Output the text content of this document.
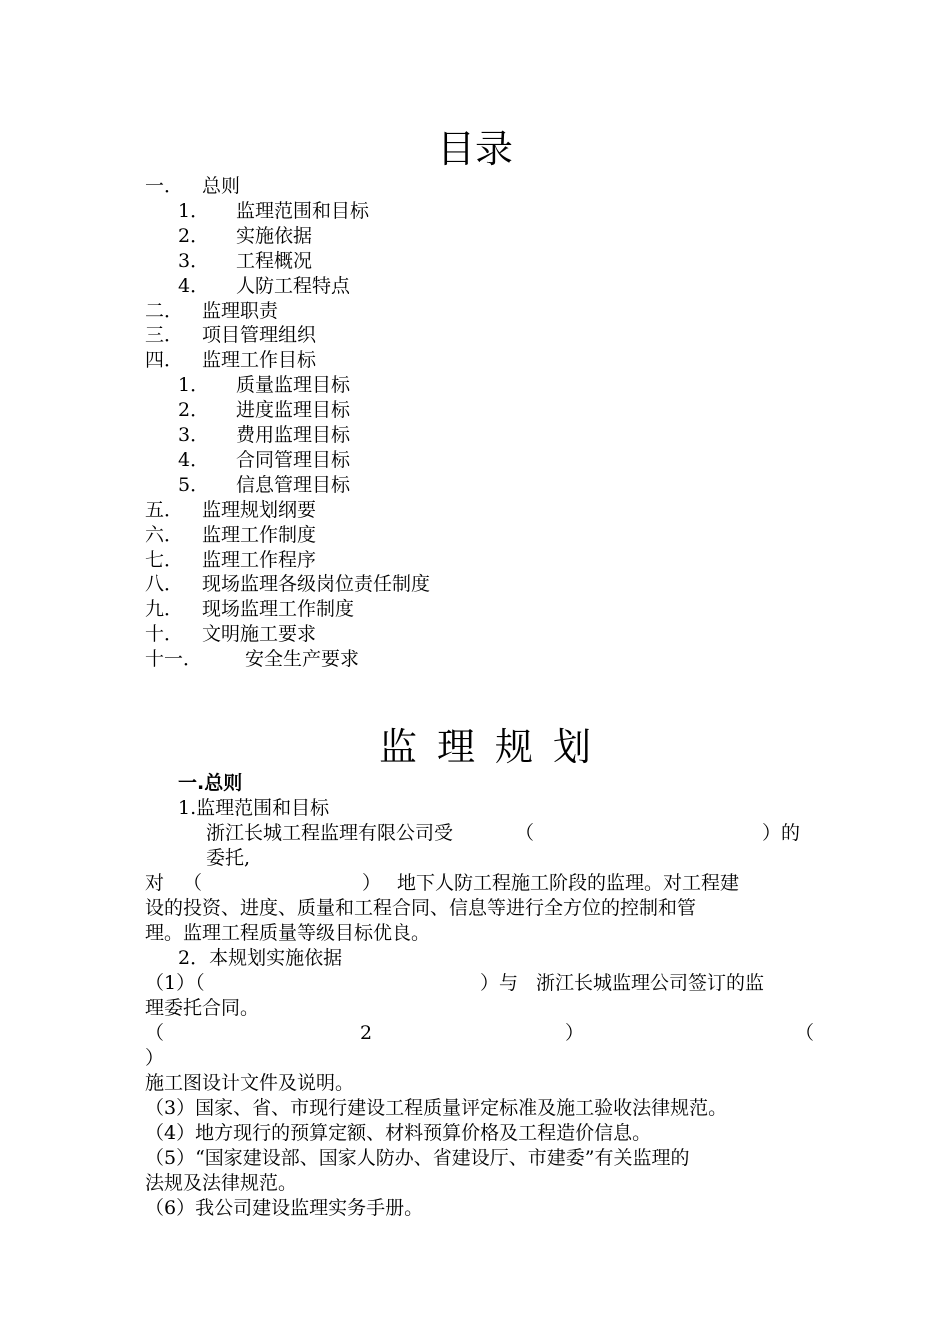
目录
一． 总则
1． 监理范围和目标
2． 实施依据
3． 工程概况
4． 人防工程特点
二． 监理职责
三． 项目管理组织
四． 监理工作目标
1． 质量监理目标
2． 进度监理目标
3． 费用监理目标
4． 合同管理目标
5． 信息管理目标
五． 监理规划纲要
六． 监理工作制度
七． 监理工作程序
八． 现场监理各级岗位责任制度
九． 现场监理工作制度
十． 文明施工要求
十一． 安全生产要求
监理规划
一.总则
1.监理范围和目标
浙江长城工程监理有限公司受	（	）的
委托,
对 （	） 地下人防工程施工阶段的监理。对工程建
设的投资、进度、质量和工程合同、信息等进行全方位的控制和管
理。监理工程质量等级目标优良。
2．本规划实施依据
（1）（	）与 浙江长城监理公司签订的监
理委托合同。
（	2	）	（
）
施工图设计文件及说明。
（3）国家、省、市现行建设工程质量评定标准及施工验收法律规范。
（4）地方现行的预算定额、材料预算价格及工程造价信息。
（5）“国家建设部、国家人防办、省建设厅、市建委”有关监理的
法规及法律规范。
（6）我公司建设监理实务手册。
